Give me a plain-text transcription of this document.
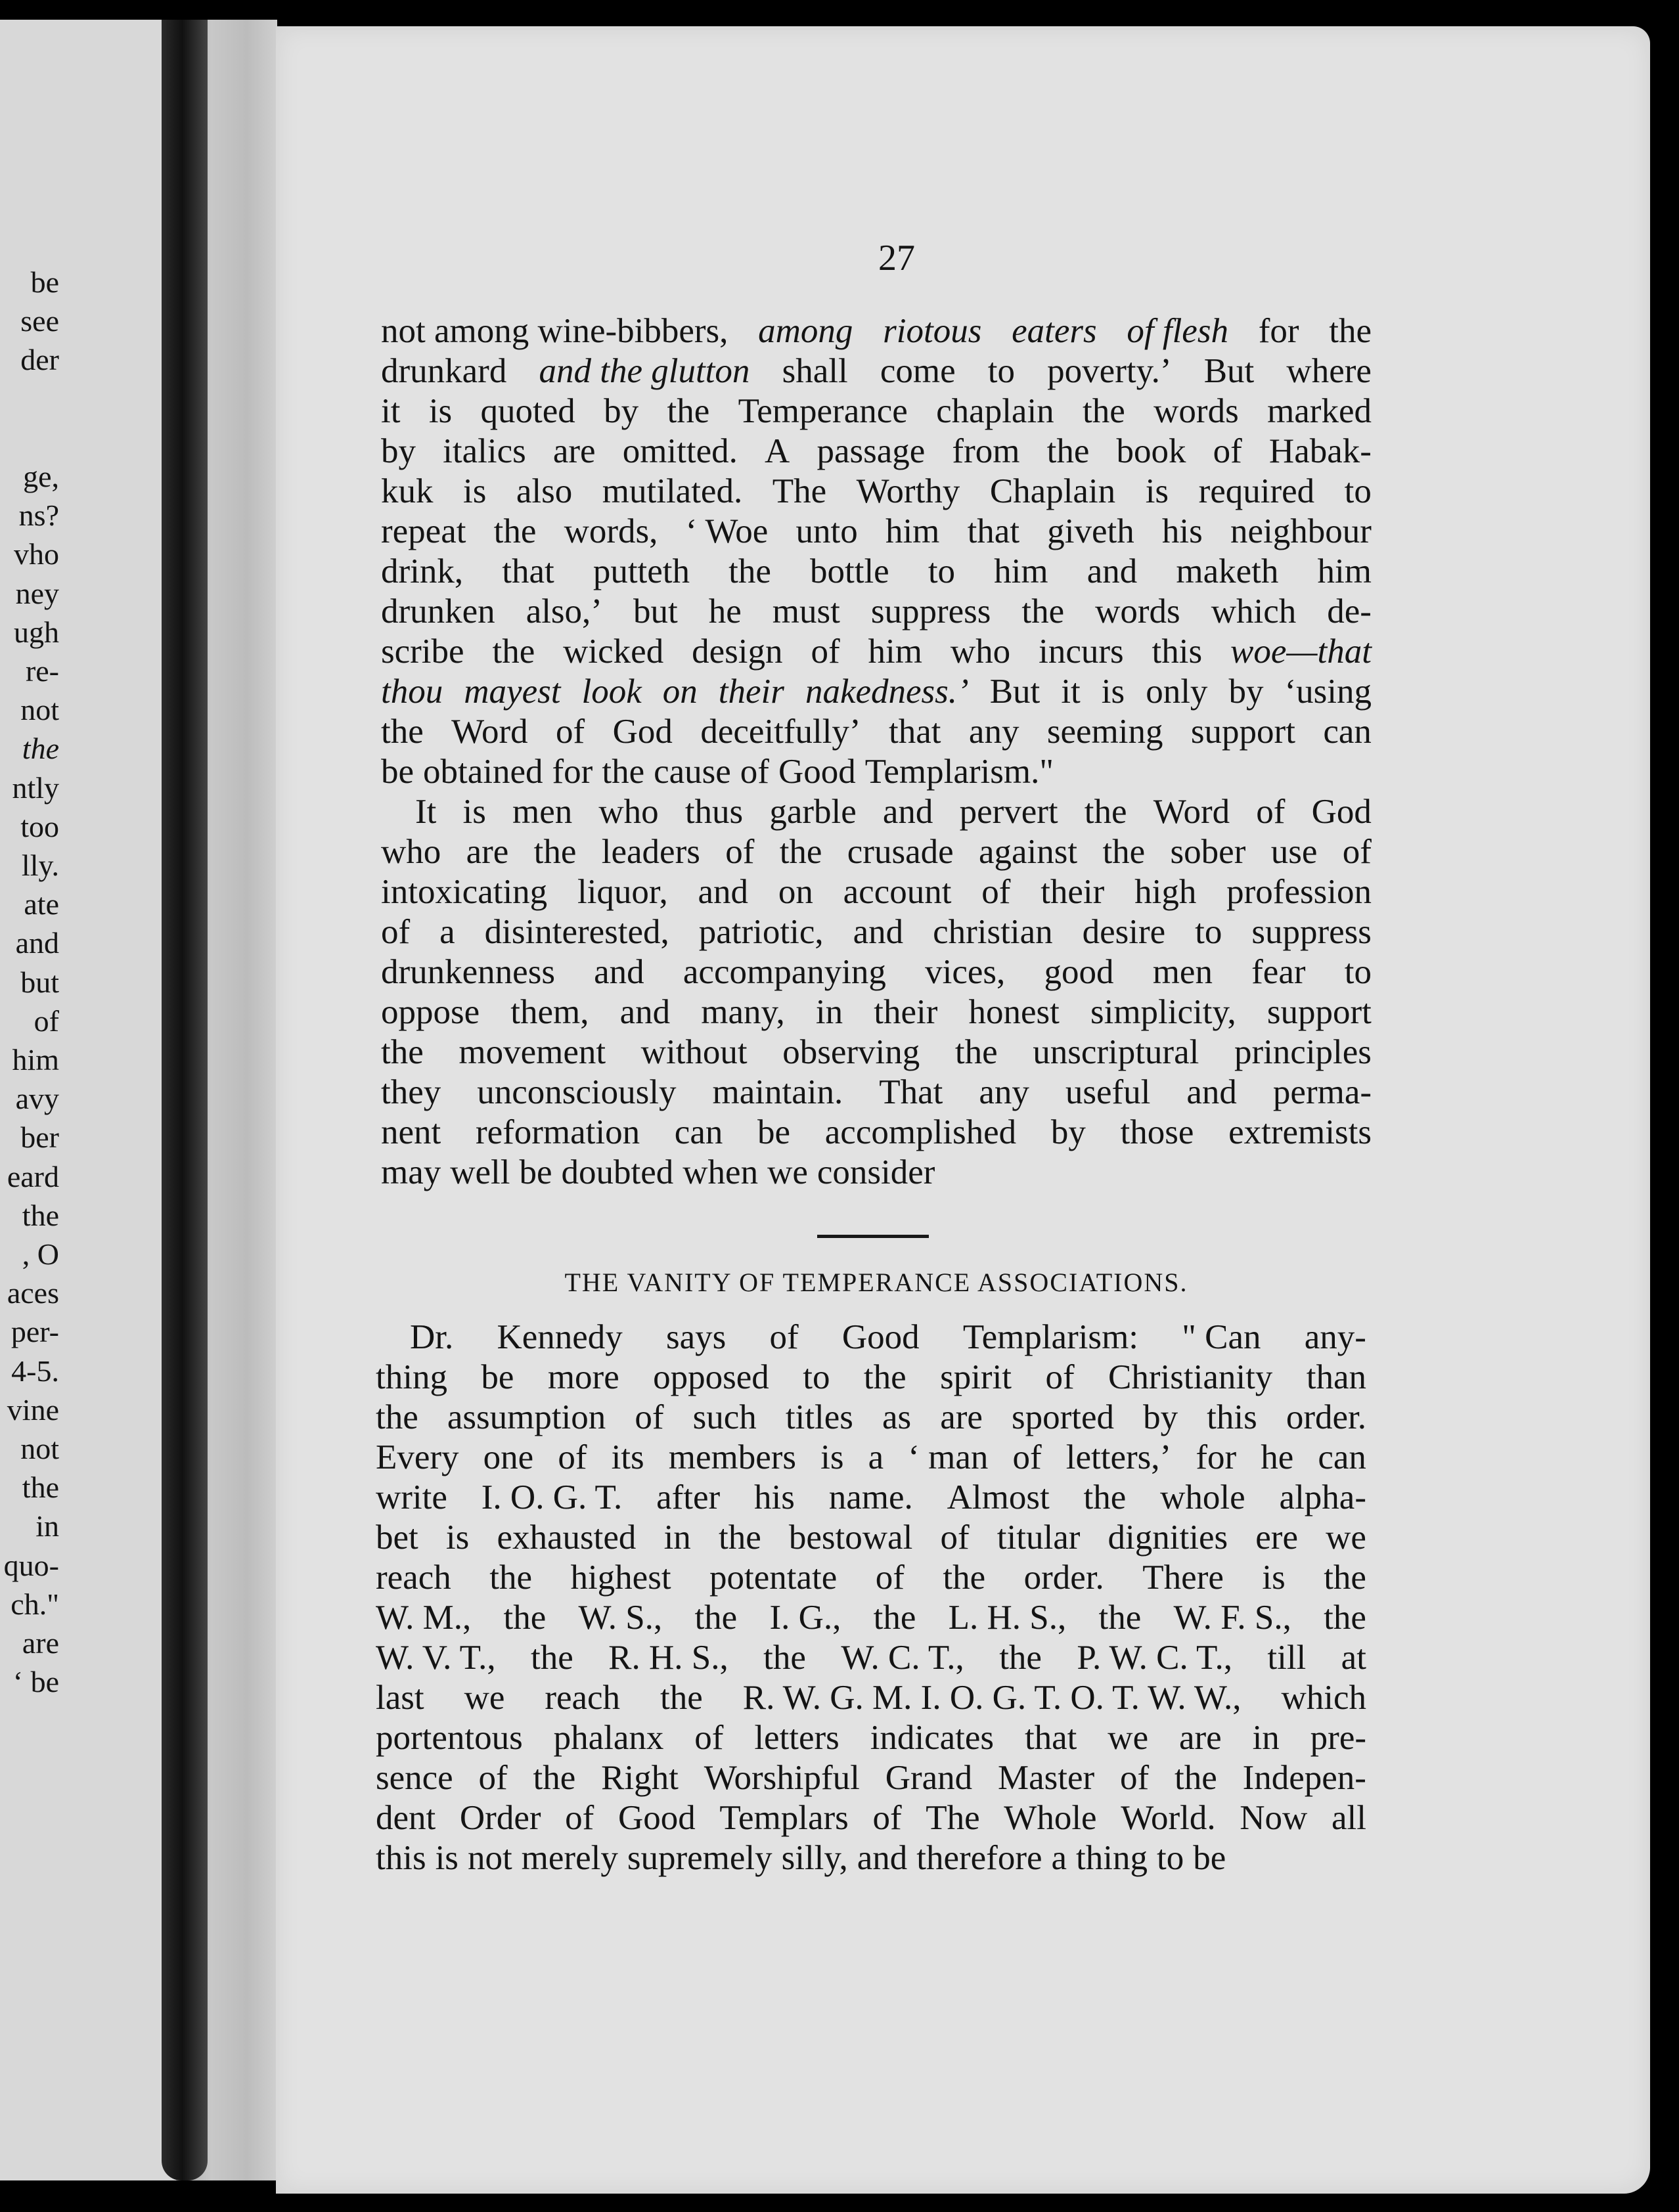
be
see
der
ge,
ns?
vho
ney
ugh
re-
not
the
ntly
too
lly.
ate
and
but
of
him
avy
ber
eard
the
, O
aces
per-
4-5.
vine
not
the
in
quo-
ch."
are
‘ be
27
not among wine-bibbers, among riotous eaters of flesh for the
drunkard and the glutton shall come to poverty.’ But where
it is quoted by the Temperance chaplain the words marked
by italics are omitted. A passage from the book of Habak-
kuk is also mutilated. The Worthy Chaplain is required to
repeat the words, ‘ Woe unto him that giveth his neighbour
drink, that putteth the bottle to him and maketh him
drunken also,’ but he must suppress the words which de-
scribe the wicked design of him who incurs this woe—that
thou mayest look on their nakedness.’ But it is only by ‘using
the Word of God deceitfully’ that any seeming support can
be obtained for the cause of Good Templarism."
It is men who thus garble and pervert the Word of God
who are the leaders of the crusade against the sober use of
intoxicating liquor, and on account of their high profession
of a disinterested, patriotic, and christian desire to suppress
drunkenness and accompanying vices, good men fear to
oppose them, and many, in their honest simplicity, support
the movement without observing the unscriptural principles
they unconsciously maintain. That any useful and perma-
nent reformation can be accomplished by those extremists
may well be doubted when we consider
THE VANITY OF TEMPERANCE ASSOCIATIONS.
Dr. Kennedy says of Good Templarism: " Can any-
thing be more opposed to the spirit of Christianity than
the assumption of such titles as are sported by this order.
Every one of its members is a ‘ man of letters,’ for he can
write I. O. G. T. after his name. Almost the whole alpha-
bet is exhausted in the bestowal of titular dignities ere we
reach the highest potentate of the order. There is the
W. M., the W. S., the I. G., the L. H. S., the W. F. S., the
W. V. T., the R. H. S., the W. C. T., the P. W. C. T., till at
last we reach the R. W. G. M. I. O. G. T. O. T. W. W., which
portentous phalanx of letters indicates that we are in pre-
sence of the Right Worshipful Grand Master of the Indepen-
dent Order of Good Templars of The Whole World. Now all
this is not merely supremely silly, and therefore a thing to be
